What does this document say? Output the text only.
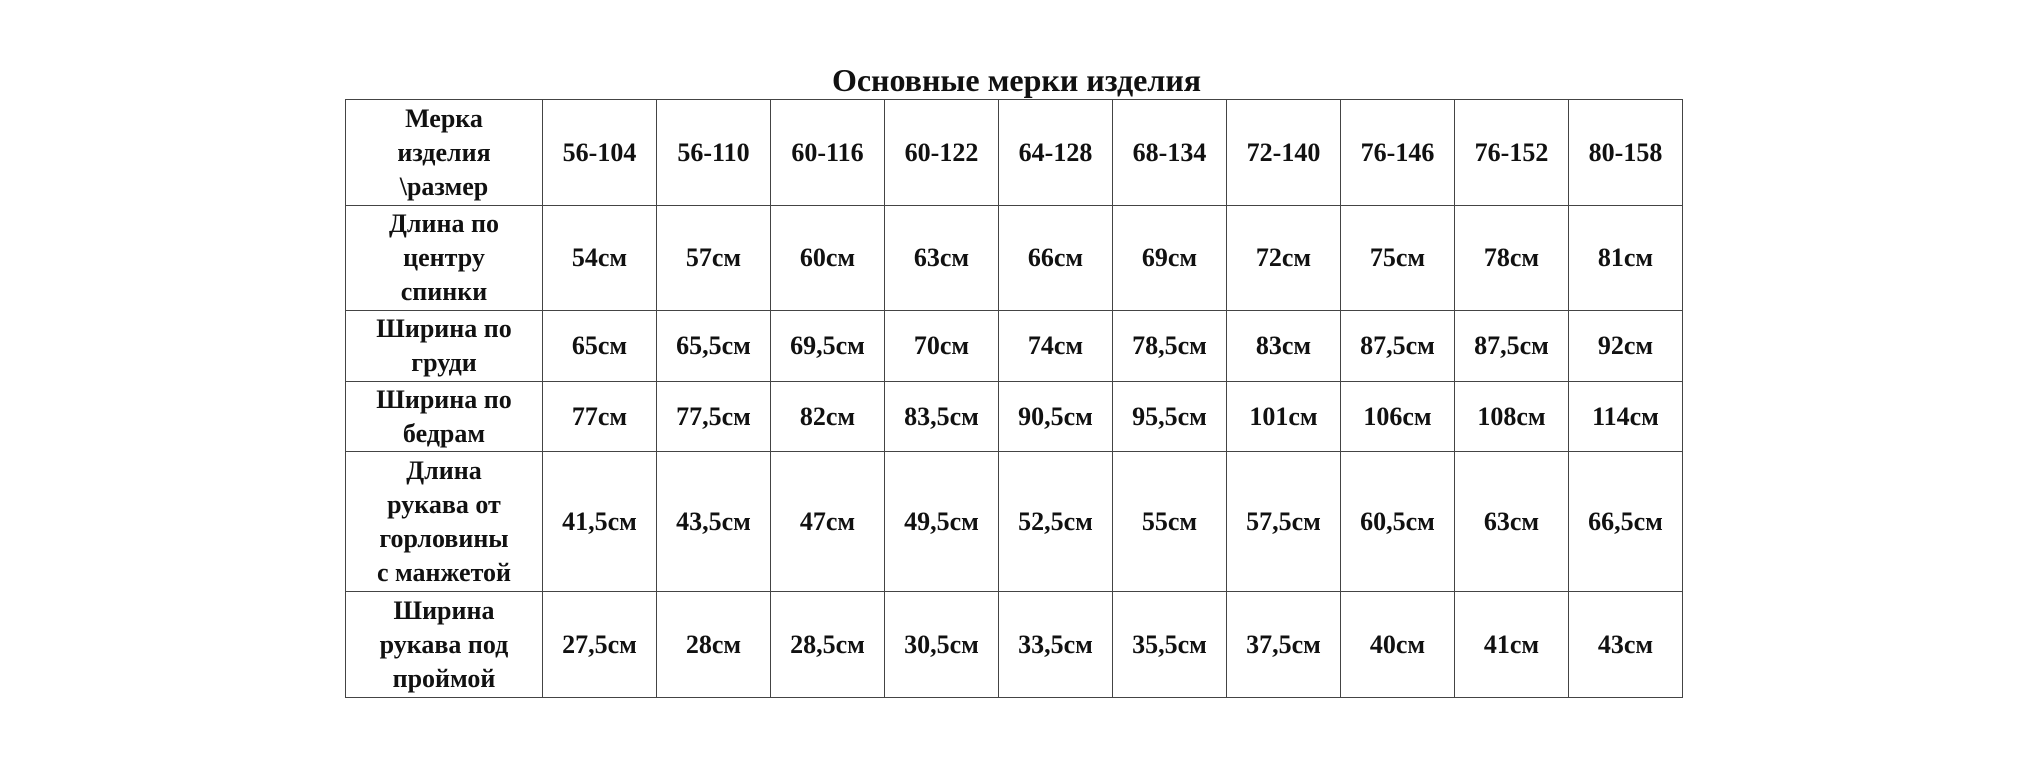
Основные мерки изделия
Мерка
изделия
\размер	56-104	56-110	60-116	60-122	64-128	68-134	72-140	76-146	76-152	80-158

Длина по
центру
спинки	54см	57см	60см	63см	66см	69см	72см	75см	78см	81см

Ширина по
груди	65см	65,5см	69,5см	70см	74см	78,5см	83см	87,5см	87,5см	92см

Ширина по
бедрам	77см	77,5см	82см	83,5см	90,5см	95,5см	101см	106см	108см	114см

Длина
рукава от
горловины
с манжетой	41,5см	43,5см	47см	49,5см	52,5см	55см	57,5см	60,5см	63см	66,5см

Ширина
рукава под
проймой	27,5см	28см	28,5см	30,5см	33,5см	35,5см	37,5см	40см	41см	43см
